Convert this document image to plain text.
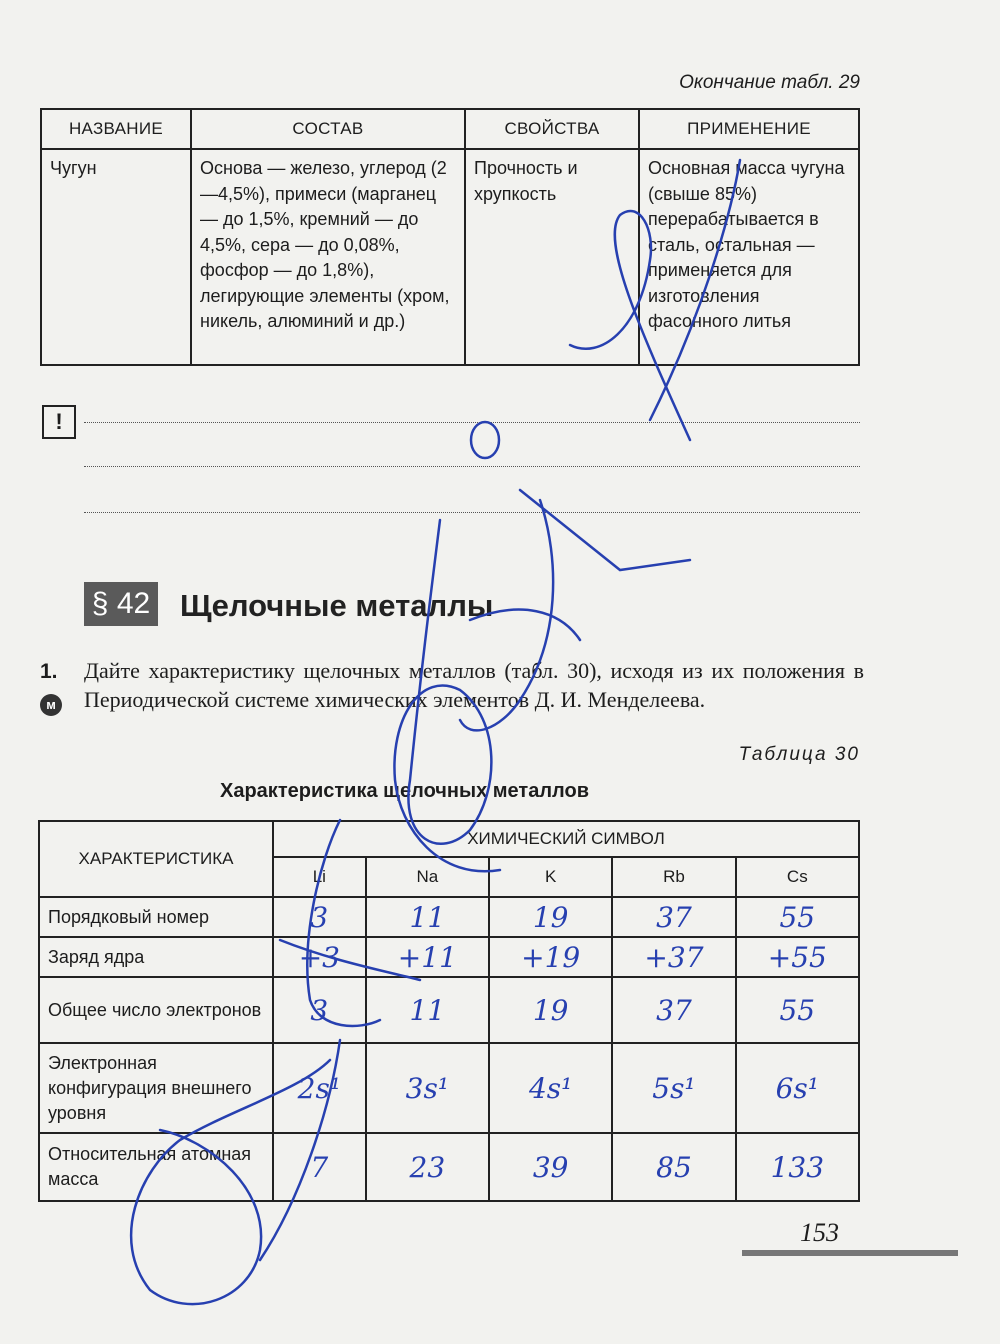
Окончание табл. 29
НАЗВАНИЕ	СОСТАВ	СВОЙСТВА	ПРИМЕНЕНИЕ
Чугун	Основа — железо, углерод (2—4,5%), примеси (марганец — до 1,5%, кремний — до 4,5%, сера — до 0,08%, фосфор — до 1,8%), легирующие элементы (хром, никель, алюминий и др.)	Прочность и хрупкость	Основная масса чугуна (свыше 85%) перерабатывается в сталь, остальная — применяется для изготовления фасонного литья
!
§ 42 Щелочные металлы
1.
м
Дайте характеристику щелочных металлов (табл. 30), исходя из их положения в Периодической системе химических элементов Д. И. Менделеева.
Таблица 30
Характеристика щелочных металлов
ХАРАКТЕРИСТИКА	ХИМИЧЕСКИЙ СИМВОЛ				
	Li	Na	K	Rb	Cs
Порядковый номер	3	11	19	37	55
Заряд ядра	+3	+11	+19	+37	+55
Общее число электронов	3	11	19	37	55
Электронная конфигурация внешнего уровня	2s¹	3s¹	4s¹	5s¹	6s¹
Относительная атомная масса	7	23	39	85	133
153
